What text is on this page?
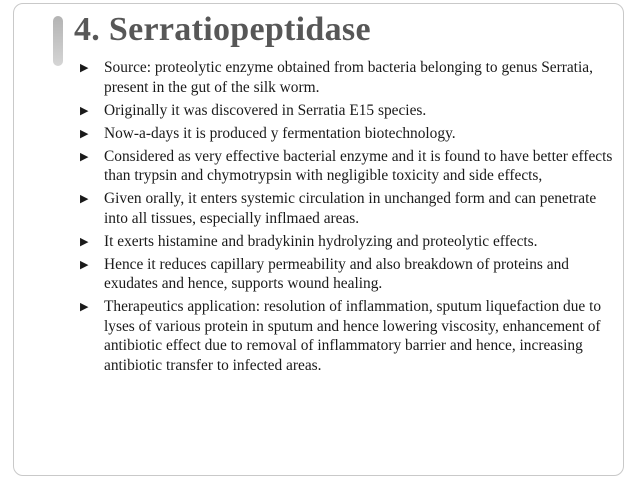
4. Serratiopeptidase
▶ Source: proteolytic enzyme obtained from bacteria belonging to genus Serratia, present in the gut of the silk worm.
▶ Originally it was discovered in Serratia E15 species.
▶ Now-a-days it is produced y fermentation biotechnology.
▶ Considered as very effective bacterial enzyme and it is found to have better effects than trypsin and chymotrypsin with negligible toxicity and side effects,
▶ Given orally, it enters systemic circulation in unchanged form and can penetrate into all tissues, especially inflmaed areas.
▶ It exerts histamine and bradykinin hydrolyzing and proteolytic effects.
▶ Hence it reduces capillary permeability and also breakdown of proteins and exudates and hence, supports wound healing.
▶ Therapeutics application: resolution of inflammation, sputum liquefaction due to lyses of various protein in sputum and hence lowering viscosity, enhancement of antibiotic effect due to removal of inflammatory barrier and hence, increasing antibiotic transfer to infected areas.
